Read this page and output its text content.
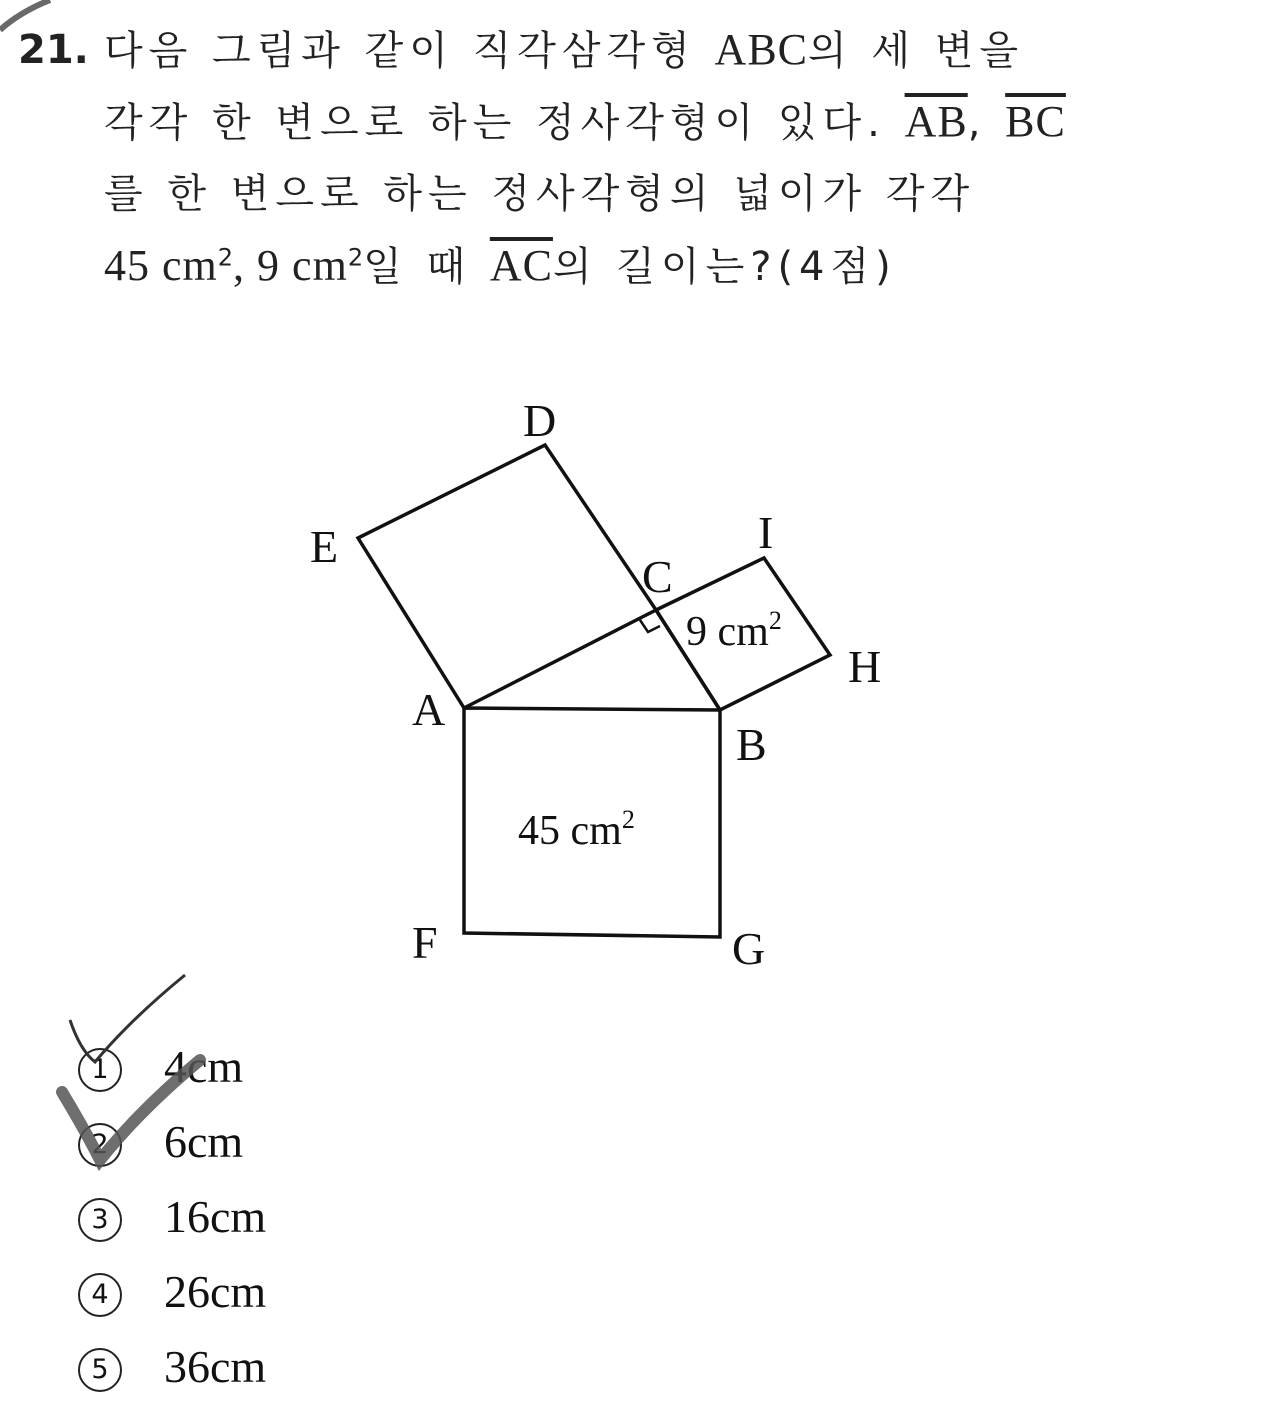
21. 다음 그림과 같이 직각삼각형 ABC의 세 변을
각각 한 변으로 하는 정사각형이 있다. $\overline{AB}$, $\overline{BC}$
를 한 변으로 하는 정사각형의 넓이가 각각
45 $cm^2$, 9 $cm^2$일 때 $\overline{AC}$의 길이는?(4점)
D
E
C
I
H
A
B
F	G
9 $cm^2$
45 $cm^2$
1 4cm
2 6cm
3 16cm
4 26cm
5 36cm
